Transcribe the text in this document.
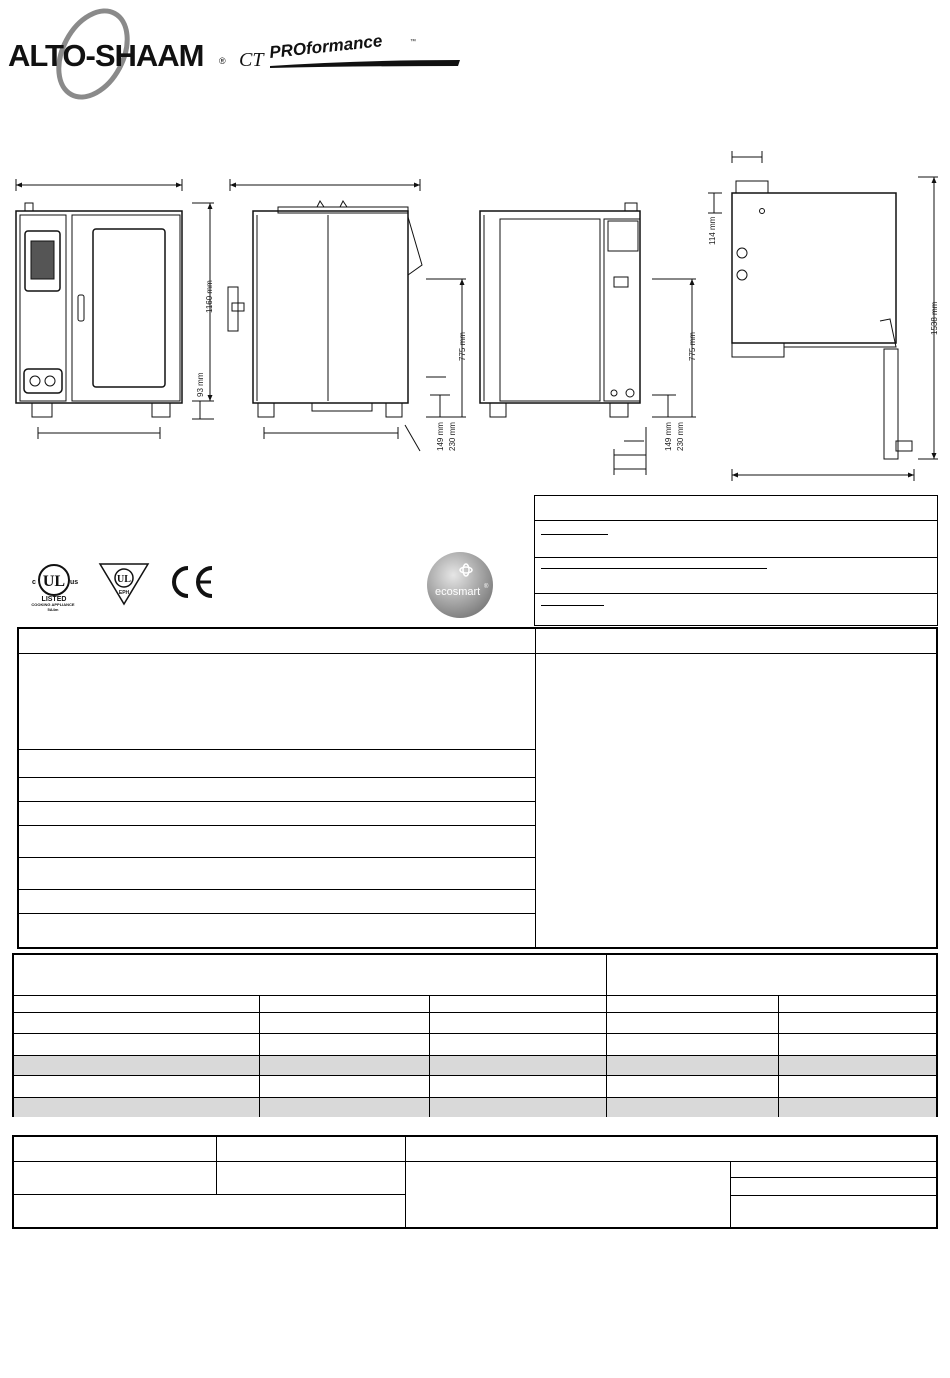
ALTO-SHAAM ® CT PROformance	™
1160 mm
93 mm
775 mm
149 mm 230 mm
775 mm
149 mm 230 mm
114 mm
1538 mm
UL
c	us
LISTED
COOKING APPLIANCE
5A4m
UL
EPH	ecosmart ®
